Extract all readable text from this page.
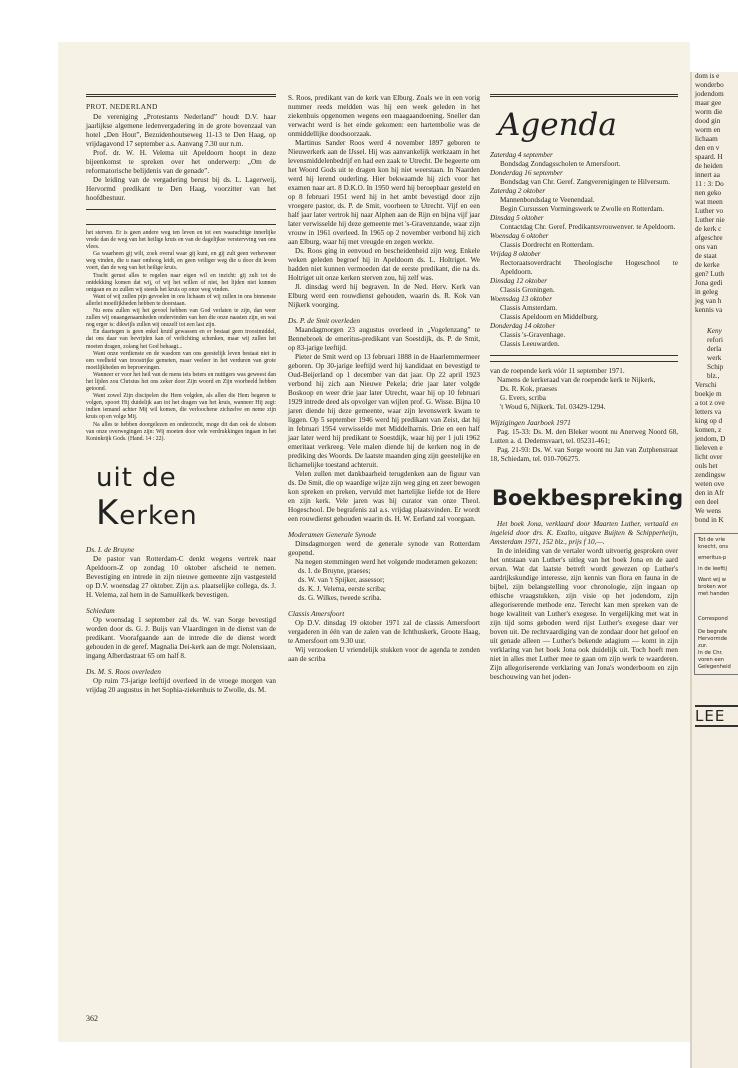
PROT. NEDERLAND

De vereniging „Protestants Nederland” houdt D.V. haar jaarlijkse algemene ledenvergadering in de grote bovenzaal van hotel „Den Hout”, Bezuidenhoutseweg 11-13 te Den Haag, op vrijdagavond 17 september a.s. Aanvang 7.30 uur n.m.

Prof. dr. W. H. Velema uit Apeldoorn hoopt in deze bijeenkomst te spreken over het onderwerp: „Om de reformatorische belijdenis van de genade”.

De leiding van de vergadering berust bij ds. L. Lagerweij, Hervormd predikant te Den Haag, voorzitter van het hoofdbestuur.

het sterven. Er is geen andere weg ten leven en tot een waarachtige innerlijke vrede dan de weg van het heilige kruis en van de dagelijkse verstervving van ons vlees.

Ga waarheen gij wilt, zoek overal waar gij kunt, en gij zult geen verhevener weg vinden, die u naar omhoog leidt, en geen veiliger weg die u door dit leven voert, dan de weg van het heilige kruis.

Tracht gerust alles te regelen naar eigen wil en inzicht: gij zult tot de ontdekking komen dat wij, of wij het willen of niet, het lijden niet kunnen ontgaan en zo zullen wij steeds het kruis op onze weg vinden.

Want of wij zullen pijn gevoelen in ons lichaam of wij zullen in ons binnenste allerlei moeilijkheden hebben te doorstaan.

Nu eens zullen wij het gevoel hebben van God verlaten te zijn, dan weer zullen wij onaangenaamheden ondervinden van hen die onze naasten zijn, en wat nog erger is: dikwijls zullen wij onszelf tot een last zijn.

En daartegen is geen enkel kruid gewassen en er bestaat geen troostmiddel, dat ons daar van bevrijden kan of verlichting schenken, maar wij zullen het moeten dragen, zolang het God behaagt...

Want onze verdienste en de wasdom van ons geestelijk leven bestaat niet in een veelheid van troostrijke gemeten, maar veeleer in het verduren van grote moeilijkheden en beproevingen.

Wanneer er voor het heil van de mens iets beters en nuttigers was geweest dan het lijden zou Christus het ons zeker door Zijn woord en Zijn voorbeeld hebben getoond.

Want zowel Zijn discipelen die Hem volgden, als allen die Hem begeren te volgen, spoort Hij duidelijk aan tot het dragen van het kruis, wanneer Hij zegt: indien iemand achter Mij wil komen, die verloochene zichzelve en neme zijn kruis op en volge Mij.

Na alles te hebben doorgelezen en onderzocht, moge dit dan ook de slotsom van onze overwegingen zijn: Wij moeten door vele verdrukkingen ingaan in het Koninkrijk Gods. (Hand. 14 : 22).

uit de Kerken
Ds. I. de Bruyne

De pastor van Rotterdam-C denkt wegens vertrek naar Apeldoorn-Z op zondag 10 oktober afscheid te nemen. Bevestiging en intrede in zijn nieuwe gemeente zijn vastgesteld op D.V. woensdag 27 oktober. Zijn a.s. plaatselijke collega, ds. J. H. Velema, zal hem in de Samuëlkerk bevestigen.

Schiedam

Op woensdag 1 september zal ds. W. van Sorge bevestigd worden door ds. G. J. Buijs van Vlaardingen in de dienst van de predikant. Voorafgaande aan de intrede die de dienst wordt gehouden in de geref. Magnalia Dei-kerk aan de mgr. Nolensiaan, ingang Alberdastraat 65 om half 8.

Ds. M. S. Roos overleden

Op ruim 73-jarige leeftijd overleed in de vroege morgen van vrijdag 20 augustus in het Sophia-ziekenhuis te Zwolle, ds. M.

S. Roos, predikant van de kerk van Elburg. Zoals we in een vorig nummer reeds meldden was hij een week geleden in het ziekenhuis opgenomen wegens een maagaandoening. Sneller dan verwacht werd is het einde gekomen: een hartembolie was de onmiddellijke doodsoorzaak.

Martinus Sander Roos werd 4 november 1897 geboren te Nieuwerkerk aan de IJssel. Hij was aanvankelijk werkzaam in het levensmiddelenbedrijf en had een zaak te Utrecht. De begeerte om het Woord Gods uit te dragen kon hij niet weerstaan. In Naarden werd hij lerend ouderling. Hier bekwaamde hij zich voor het examen naar art. 8 D.K.O. In 1950 werd hij beroepbaar gesteld en op 8 februari 1951 werd hij in het ambt bevestigd door zijn vroegere pastor, ds. P. de Smit, voorheen te Utrecht. Vijf en een half jaar later vertrok hij naar Alphen aan de Rijn en bijna vijf jaar later verwisselde hij deze gemeente met 's-Gravenzande, waar zijn vrouw in 1961 overleed. In 1965 op 2 november verbond hij zich aan Elburg, waar hij met vreugde en zegen werkte.

Ds. Roos ging in eenvoud en bescheidenheid zijn weg. Enkele weken geleden begroef hij in Apeldoorn ds. L. Holtriget. We hadden niet kunnen vermoeden dat de eerste predikant, die na ds. Holtriget uit onze kerken sterven zou, hij zelf was.

Jl. dinsdag werd hij begraven. In de Ned. Herv. Kerk van Elburg werd een rouwdienst gehouden, waarin ds. R. Kok van Nijkerk voorging.

Ds. P. de Smit overleden

Maandagmorgen 23 augustus overleed in „Vogelenzang” te Bennebroek de emeritus-predikant van Soestdijk, ds. P. de Smit, op 83-jarige leeftijd.

Pieter de Smit werd op 13 februari 1888 in de Haarlemmermeer geboren. Op 30-jarige leeftijd werd hij kandidaat en bevestigd te Oud-Beijerland op 1 december van dat jaar. Op 22 april 1923 verbond hij zich aan Nieuwe Pekela; drie jaar later volgde Boskoop en weer drie jaar later Utrecht, waar hij op 10 februari 1929 intrede deed als opvolger van wijlen prof. G. Wisse. Bijna 10 jaren diende hij deze gemeente, waar zijn levenswerk kwam te liggen. Op 5 september 1946 werd hij predikant van Zeist, dat hij in februari 1954 verwisselde met Middelharnis. Drie en een half jaar later werd hij predikant te Soestdijk, waar hij per 1 juli 1962 emeritaat verkreeg. Vele malen diende hij de kerken nog in de prediking des Woords. De laatste maanden ging zijn geestelijke en lichamelijke toestand achteruit.

Velen zullen met dankbaarheid terugdenken aan de figuur van ds. De Smit, die op waardige wijze zijn weg ging en zeer bewogen kon spreken en preken, vervuld met hartelijke liefde tot de Here en zijn kerk. Vele jaren was hij curator van onze Theol. Hogeschool. De begrafenis zal a.s. vrijdag plaatsvinden. Er wordt een rouwdienst gehouden waarin ds. H. W. Eerland zal voorgaan.

Moderamen Generale Synode

Dinsdagmorgen werd de generale synode van Rotterdam geopend.

Na negen stemmingen werd het volgende moderamen gekozen:

ds. I. de Bruyne, praeses;

ds. W. van 't Spijker, assessor;

ds. K. J. Velema, eerste scriba;

ds. G. Wilkes, tweede scriba.

Classis Amersfoort

Op D.V. dinsdag 19 oktober 1971 zal de classis Amersfoort vergaderen in één van de zalen van de Ichthuskerk, Groote Haag, te Amersfoort om 9.30 uur.

Wij verzoeken U vriendelijk stukken voor de agenda te zenden aan de scriba

Agenda

Zaterdag 4 september

Bondsdag Zondagsscholen te Amersfoort.

Donderdag 16 september

Bondsdag van Chr. Geref. Zangverenigingen te Hilversum.

Zaterdag 2 oktober

Mannenbondsdag te Veenendaal.

Begin Cursussen Vormingswerk te Zwolle en Rotterdam.

Dinsdag 5 oktober

Contactdag Chr. Geref. Predikantsvrouwenver. te Apeldoorn.

Woensdag 6 oktober

Classis Dordrecht en Rotterdam.

Vrijdag 8 oktober

Rectoraatsoverdracht Theologische Hogeschool te Apeldoorn.

Dinsdag 12 oktober

Classis Groningen.

Woensdag 13 oktober

Classis Amsterdam.

Classis Apeldoorn en Middelburg.

Donderdag 14 oktober

Classis 's-Gravenhage.

Classis Leeuwarden.

van de roepende kerk vóór 11 september 1971.

Namens de kerkeraad van de roepende kerk te Nijkerk,

Ds. R. Kok, praeses

G. Evers, scriba

't Woud 6, Nijkerk. Tel. 03429-1294.

Wijzigingen Jaarboek 1971

Pag. 15-33: Ds. M. den Bleker woont nu Anerweg Noord 68, Lutten a. d. Dedemsvaart, tel. 05231-461;

Pag. 21-93: Ds. W. van Sorge woont nu Jan van Zutphenstraat 18, Schiedam, tel. 010-706275.

Boekbespreking

Het boek Jona, verklaard door Maarten Luther, vertaald en ingeleid door drs. K. Exalto, uitgave Buijten & Schipperheijn, Amsterdam 1971, 152 blz., prijs f 10,—.

In de inleiding van de vertaler wordt uitvoerig gesproken over het ontstaan van Luther's uitleg van het boek Jona en de aard ervan. Wat dat laatste betreft wordt gewezen op Luther's aardrijkskundige interesse, zijn kennis van flora en fauna in de bijbel, zijn belangstelling voor chronologie, zijn ingaan op ethische vraagstukken, zijn visie op het jodendom, zijn allegoriserende methode enz. Terecht kan men spreken van de hoge kwaliteit van Luther's exegese. In vergelijking met wat in zijn tijd soms geboden werd rijst Luther's exegese daar ver boven uit. De rechtvaardiging van de zondaar door het geloof en uit genade alleen — Luther's bekende adagium — komt in zijn verklaring van het boek Jona ook duidelijk uit. Toch hoeft men niet in alles met Luther mee te gaan om zijn werk te waarderen. Zijn allegoriserende verklaring van Jona's wonderboom en zijn beschouwing van het joden-

362
dom is e
wonderbo
jodendom
maar gee
worm die
dood gin
worm en
lichaam
den en v
spaard. H
de heiden
innert aa
11 : 3: Do
nen geko
wat meen
Luther vo
Luther nie
de kerk c
afgeschre
ons van
de staat
de kerke
gen? Luth
Jona gedi
in geleg
jeg van h
kennis va
Keny
refori
derla
werk
Schip
blz.,
Verschi
boekje m
a tot z ove
letters va
king op d
komen, z
jendom, D
lieleven e
licht over
ouls het
zendingsw
weten ove
den in Afr
een deel
We wens
bond in K
Tot de vrie
knecht, ons
emeritus-p
in de leeftij
Want wij w
broken wor
met handen
Correspond
De begrafe
Hervormde
zur.
In de Chr.
voren een
Gelegenheid
LEE
